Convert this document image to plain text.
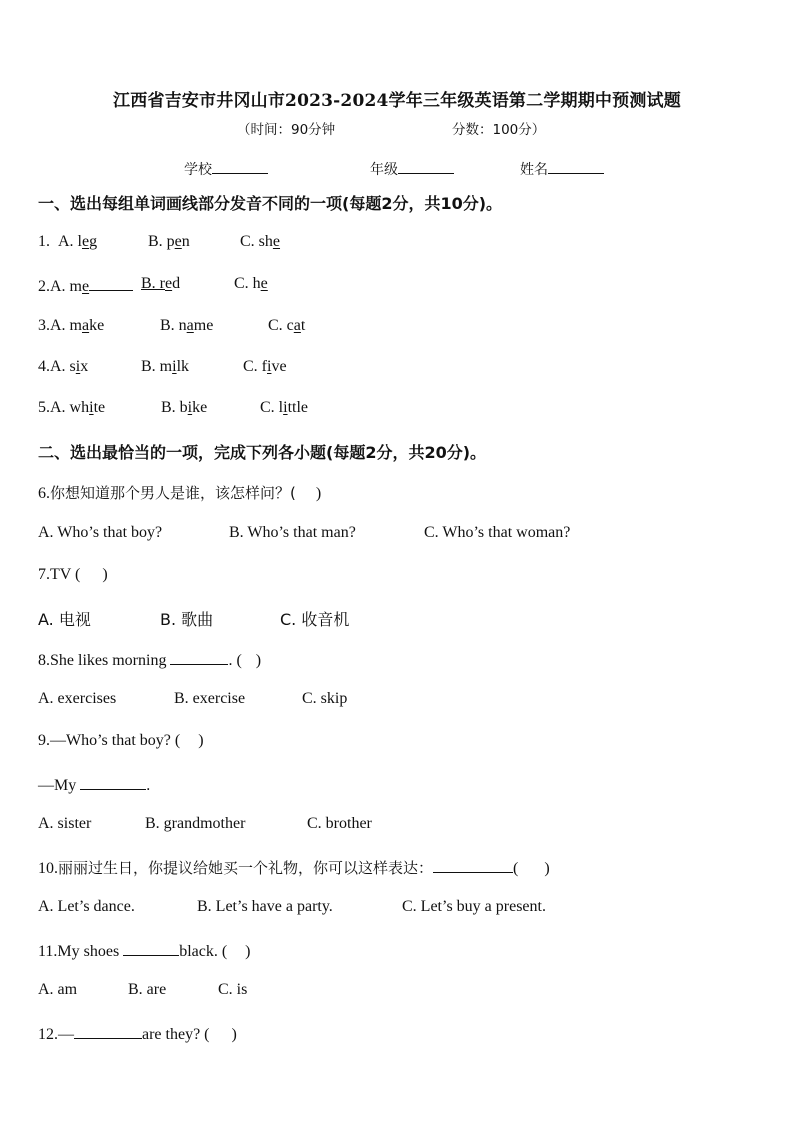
江西省吉安市井冈山市2023-2024学年三年级英语第二学期期中预测试题
（时间：90分钟	分数：100分）
学校	年级	姓名
一、选出每组单词画线部分发音不同的一项(每题2分，共10分)。
1. A. leg	B. pen	C. she
2.A. me	B. red	C. he
3.A. make	B. name	C. cat
4.A. six	B. milk	C. five
5.A. white	B. bike	C. little
二、选出最恰当的一项，完成下列各小题(每题2分，共20分)。
6.你想知道那个男人是谁，该怎样问？( )
A. Who’s that boy?	B. Who’s that man?	C. Who’s that woman?
7.TV ( )
A. 电视	B. 歌曲	C. 收音机
8.She likes morning	. ( )
A. exercises	B. exercise	C. skip
9.—Who’s that boy? ( )
—My	.
A. sister	B. grandmother	C. brother
10.丽丽过生日，你提议给她买一个礼物，你可以这样表达：	( )
A. Let’s dance.	B. Let’s have a party.	C. Let’s buy a present.
11.My shoes	black. ( )
A. am	B. are	C. is
12.—	are they? ( )
